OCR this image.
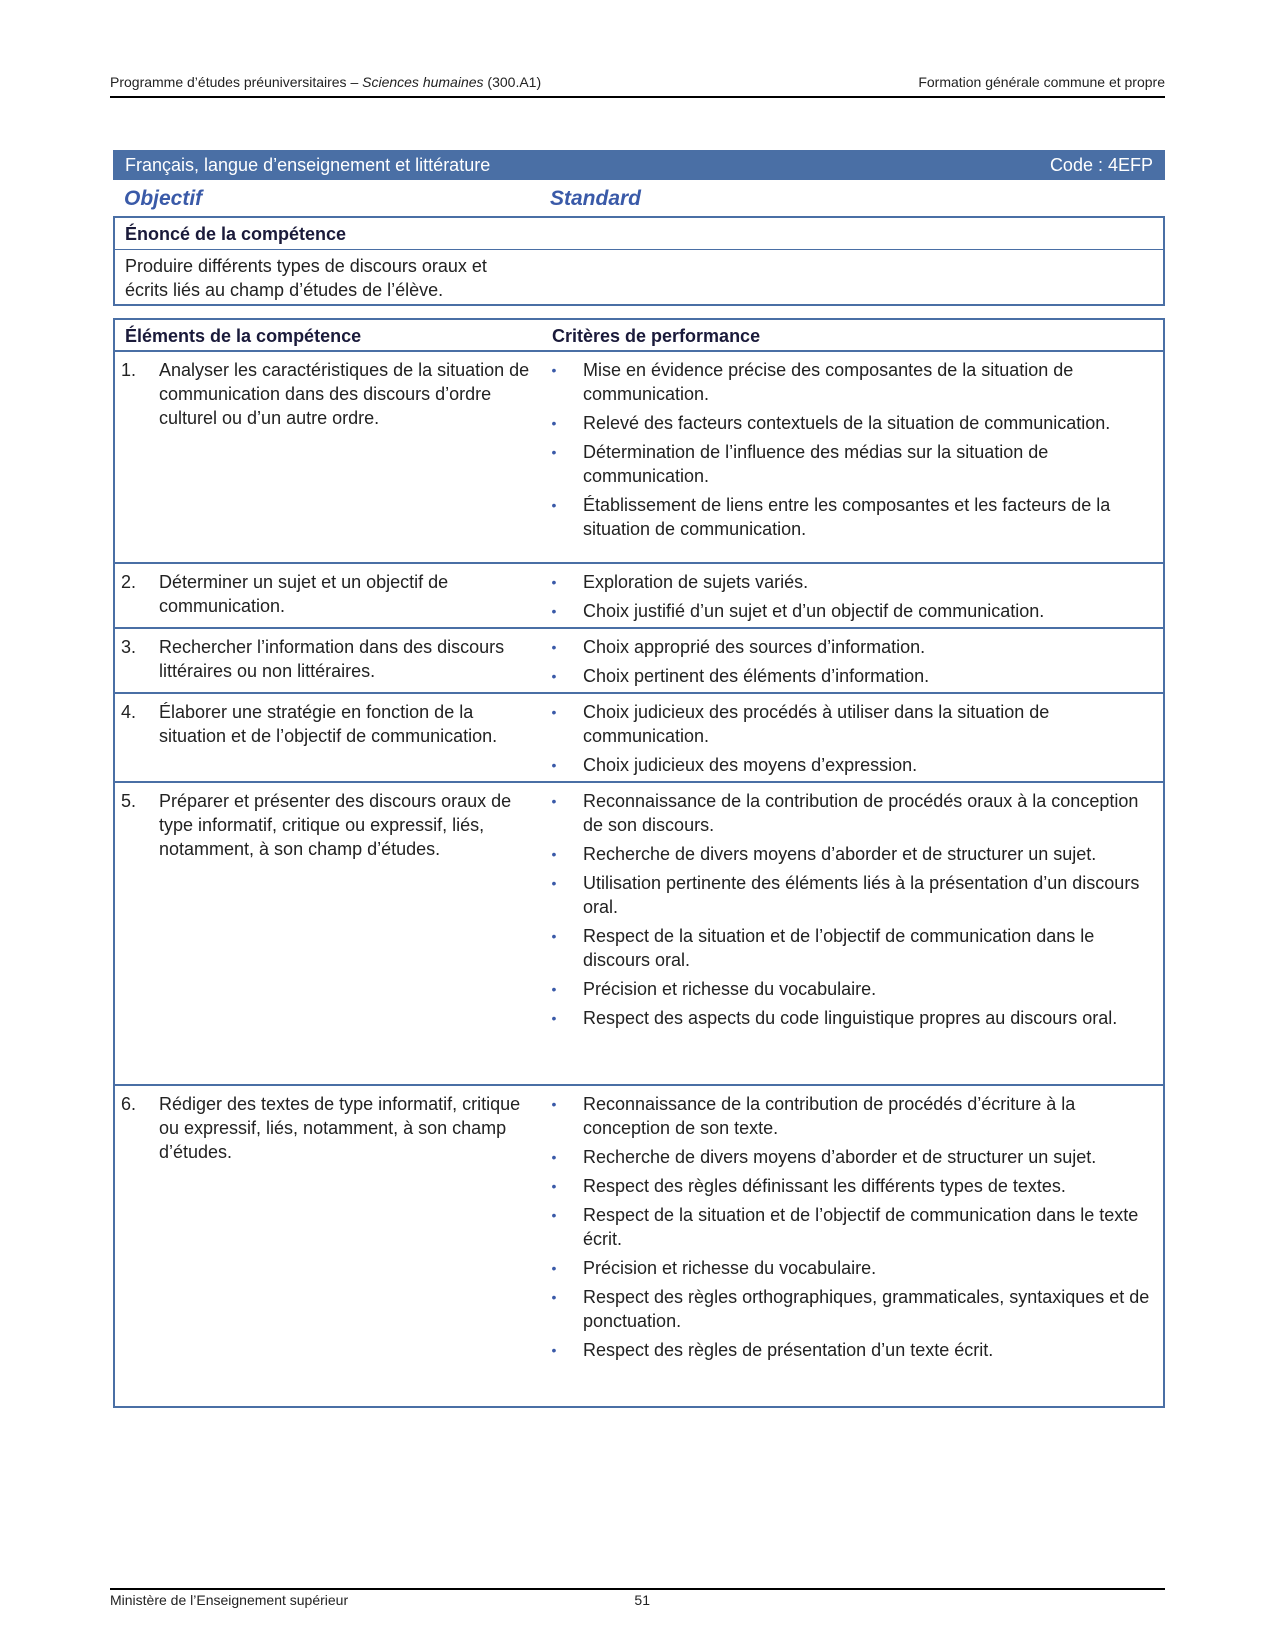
Programme d’études préuniversitaires – Sciences humaines (300.A1)	Formation générale commune et propre
Français, langue d’enseignement et littérature	Code : 4EFP
Objectif	Standard
Énoncé de la compétence
Produire différents types de discours oraux et écrits liés au champ d’études de l’élève.
Éléments de la compétence	Critères de performance
1.	Analyser les caractéristiques de la situation de communication dans des discours d’ordre culturel ou d’un autre ordre.
• Mise en évidence précise des composantes de la situation de communication.
• Relevé des facteurs contextuels de la situation de communication.
• Détermination de l’influence des médias sur la situation de communication.
• Établissement de liens entre les composantes et les facteurs de la situation de communication.
2.	Déterminer un sujet et un objectif de communication.
• Exploration de sujets variés.
• Choix justifié d’un sujet et d’un objectif de communication.
3.	Rechercher l’information dans des discours littéraires ou non littéraires.
• Choix approprié des sources d’information.
• Choix pertinent des éléments d’information.
4.	Élaborer une stratégie en fonction de la situation et de l’objectif de communication.
• Choix judicieux des procédés à utiliser dans la situation de communication.
• Choix judicieux des moyens d’expression.
5.	Préparer et présenter des discours oraux de type informatif, critique ou expressif, liés, notamment, à son champ d’études.
• Reconnaissance de la contribution de procédés oraux à la conception de son discours.
• Recherche de divers moyens d’aborder et de structurer un sujet.
• Utilisation pertinente des éléments liés à la présentation d’un discours oral.
• Respect de la situation et de l’objectif de communication dans le discours oral.
• Précision et richesse du vocabulaire.
• Respect des aspects du code linguistique propres au discours oral.
6.	Rédiger des textes de type informatif, critique ou expressif, liés, notamment, à son champ d’études.
• Reconnaissance de la contribution de procédés d’écriture à la conception de son texte.
• Recherche de divers moyens d’aborder et de structurer un sujet.
• Respect des règles définissant les différents types de textes.
• Respect de la situation et de l’objectif de communication dans le texte écrit.
• Précision et richesse du vocabulaire.
• Respect des règles orthographiques, grammaticales, syntaxiques et de ponctuation.
• Respect des règles de présentation d’un texte écrit.
Ministère de l’Enseignement supérieur	51
